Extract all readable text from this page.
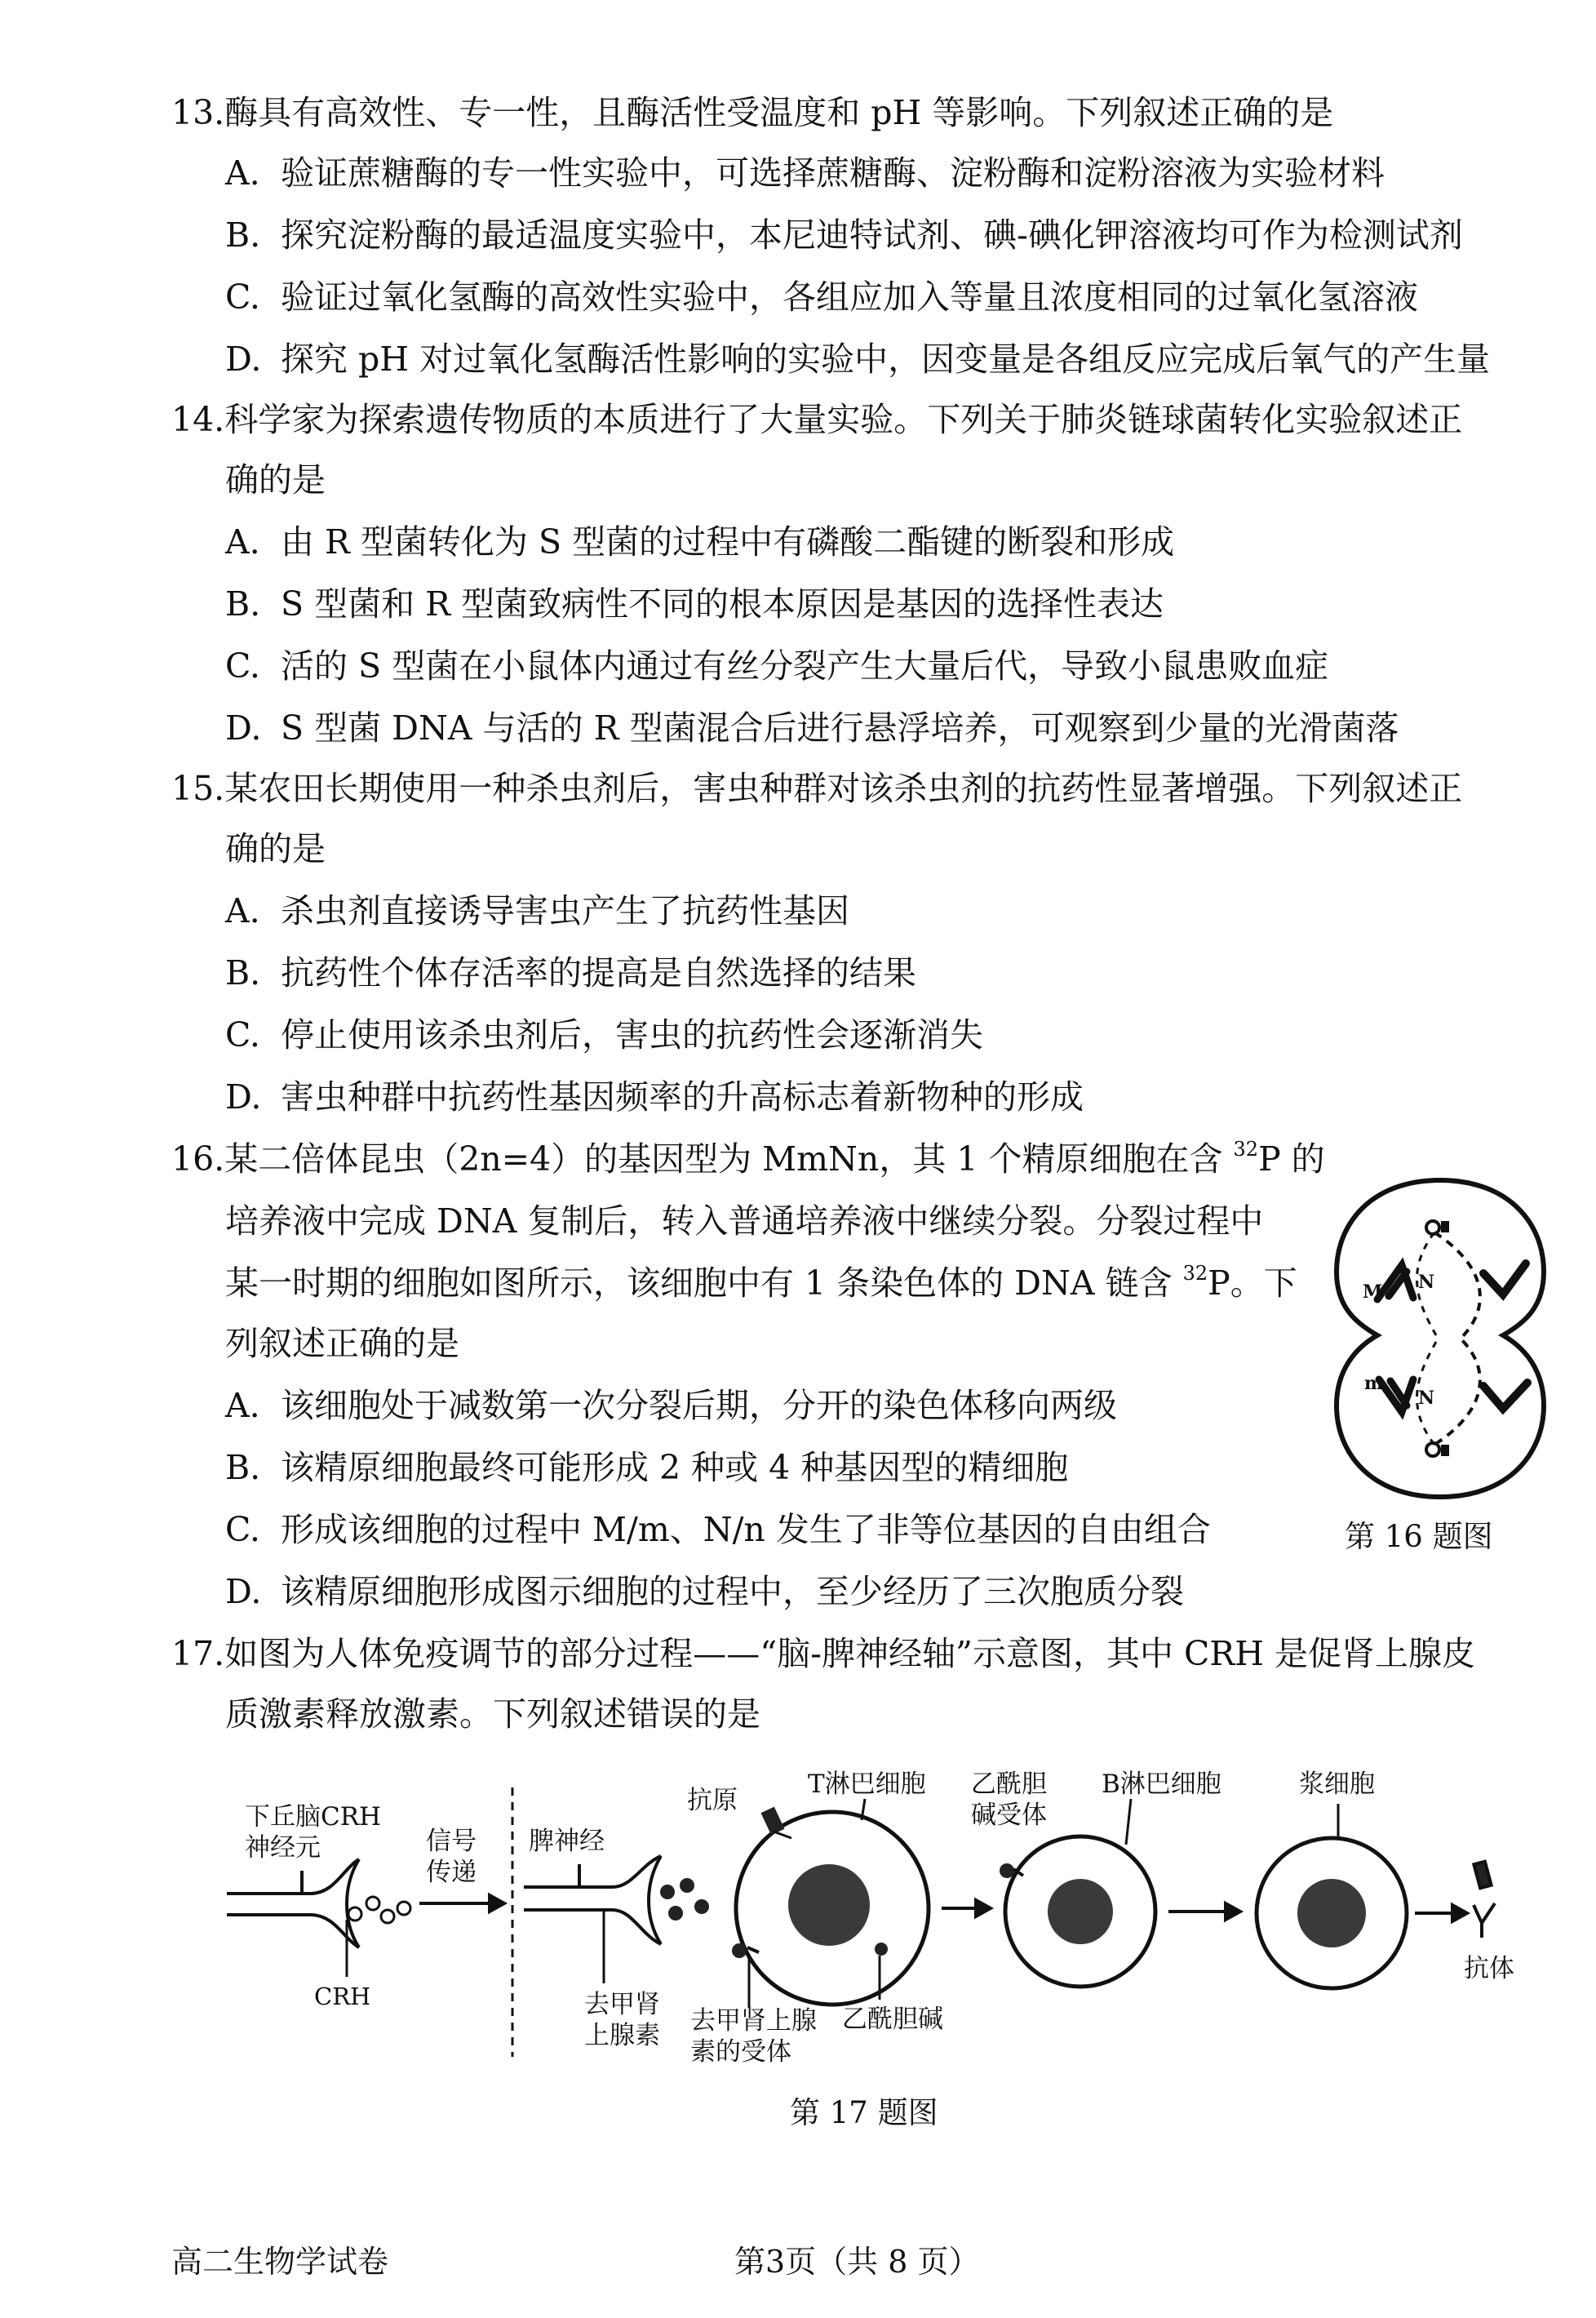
13.酶具有高效性、专一性，且酶活性受温度和 pH 等影响。下列叙述正确的是
A. 验证蔗糖酶的专一性实验中，可选择蔗糖酶、淀粉酶和淀粉溶液为实验材料
B. 探究淀粉酶的最适温度实验中，本尼迪特试剂、碘-碘化钾溶液均可作为检测试剂
C. 验证过氧化氢酶的高效性实验中，各组应加入等量且浓度相同的过氧化氢溶液
D. 探究 pH 对过氧化氢酶活性影响的实验中，因变量是各组反应完成后氧气的产生量
14.科学家为探索遗传物质的本质进行了大量实验。下列关于肺炎链球菌转化实验叙述正
确的是
A. 由 R 型菌转化为 S 型菌的过程中有磷酸二酯键的断裂和形成
B. S 型菌和 R 型菌致病性不同的根本原因是基因的选择性表达
C. 活的 S 型菌在小鼠体内通过有丝分裂产生大量后代，导致小鼠患败血症
D. S 型菌 DNA 与活的 R 型菌混合后进行悬浮培养，可观察到少量的光滑菌落
15.某农田长期使用一种杀虫剂后，害虫种群对该杀虫剂的抗药性显著增强。下列叙述正
确的是
A. 杀虫剂直接诱导害虫产生了抗药性基因
B. 抗药性个体存活率的提高是自然选择的结果
C. 停止使用该杀虫剂后，害虫的抗药性会逐渐消失
D. 害虫种群中抗药性基因频率的升高标志着新物种的形成
16.某二倍体昆虫（2n=4）的基因型为 MmNn，其 1 个精原细胞在含 $^{32}$P 的
培养液中完成 DNA 复制后，转入普通培养液中继续分裂。分裂过程中
某一时期的细胞如图所示，该细胞中有 1 条染色体的 DNA 链含 $^{32}$P。下
列叙述正确的是
A. 该细胞处于减数第一次分裂后期，分开的染色体移向两级
B. 该精原细胞最终可能形成 2 种或 4 种基因型的精细胞
C. 形成该细胞的过程中 M/m、N/n 发生了非等位基因的自由组合
D. 该精原细胞形成图示细胞的过程中，至少经历了三次胞质分裂
M N
m
N
第 16 题图
17.如图为人体免疫调节的部分过程——“脑-脾神经轴”示意图，其中 CRH 是促肾上腺皮
质激素释放激素。下列叙述错误的是
下丘脑CRH
神经元
CRH
信号
传递
脾神经
去甲肾
上腺素
抗原
T淋巴细胞
去甲肾上腺
素的受体
乙酰胆碱
乙酰胆
碱受体
B淋巴细胞	浆细胞
抗体
第 17 题图
高二生物学试卷	第3页（共 8 页）
